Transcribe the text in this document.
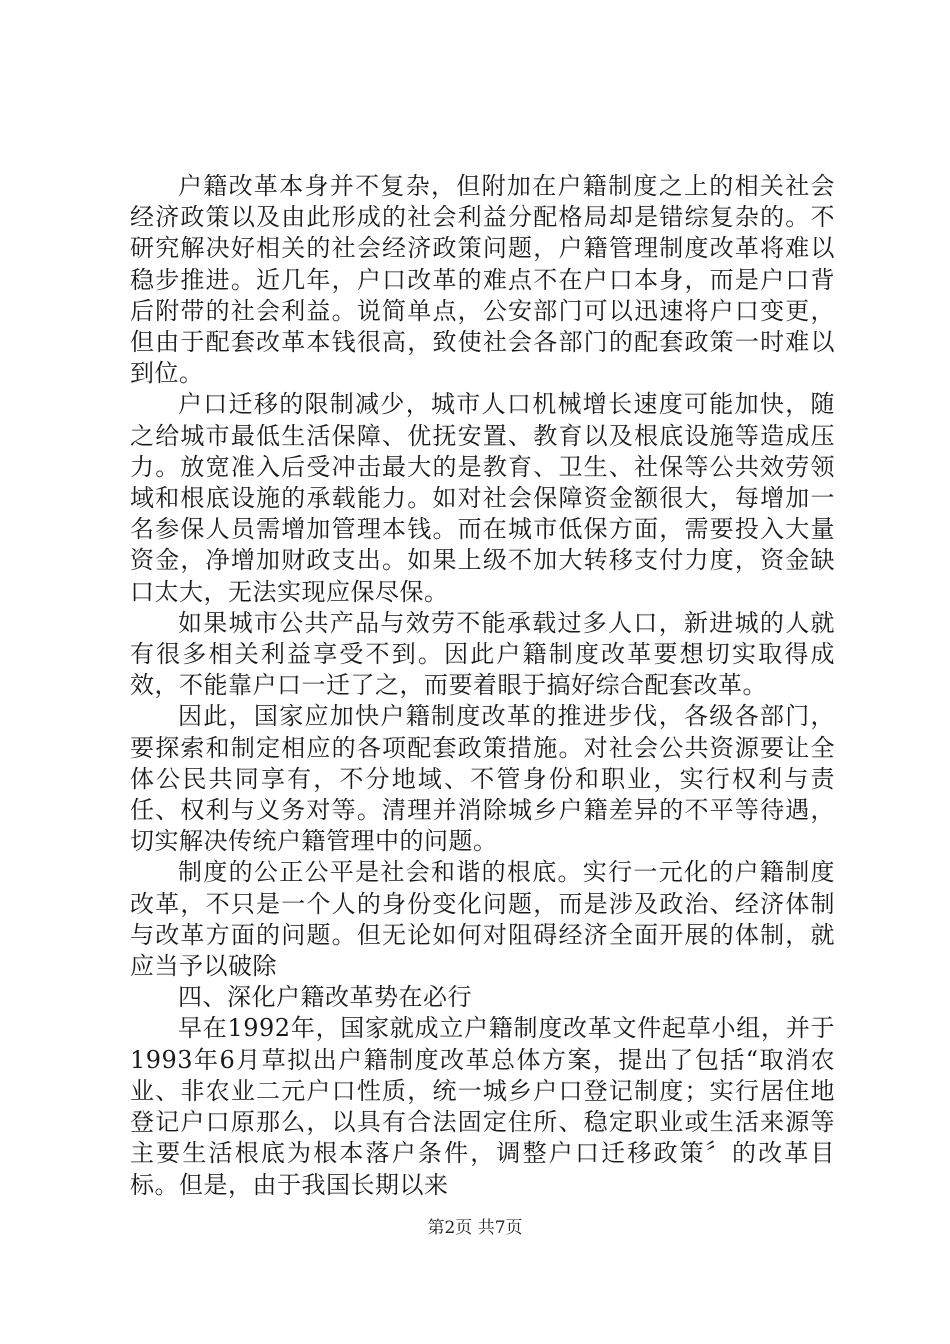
户籍改革本身并不复杂，但附加在户籍制度之上的相关社会经济政策以及由此形成的社会利益分配格局却是错综复杂的。不研究解决好相关的社会经济政策问题，户籍管理制度改革将难以稳步推进。近几年，户口改革的难点不在户口本身，而是户口背后附带的社会利益。说简单点，公安部门可以迅速将户口变更，但由于配套改革本钱很高，致使社会各部门的配套政策一时难以到位。

户口迁移的限制减少，城市人口机械增长速度可能加快，随之给城市最低生活保障、优抚安置、教育以及根底设施等造成压力。放宽准入后受冲击最大的是教育、卫生、社保等公共效劳领域和根底设施的承载能力。如对社会保障资金额很大，每增加一名参保人员需增加管理本钱。而在城市低保方面，需要投入大量资金，净增加财政支出。如果上级不加大转移支付力度，资金缺口太大，无法实现应保尽保。

如果城市公共产品与效劳不能承载过多人口，新进城的人就有很多相关利益享受不到。因此户籍制度改革要想切实取得成效，不能靠户口一迁了之，而要着眼于搞好综合配套改革。

因此，国家应加快户籍制度改革的推进步伐，各级各部门，要探索和制定相应的各项配套政策措施。对社会公共资源要让全体公民共同享有，不分地域、不管身份和职业，实行权利与责任、权利与义务对等。清理并消除城乡户籍差异的不平等待遇，切实解决传统户籍管理中的问题。

制度的公正公平是社会和谐的根底。实行一元化的户籍制度改革，不只是一个人的身份变化问题，而是涉及政治、经济体制与改革方面的问题。但无论如何对阻碍经济全面开展的体制，就应当予以破除

四、深化户籍改革势在必行

早在1992年，国家就成立户籍制度改革文件起草小组，并于1993年6月草拟出户籍制度改革总体方案，提出了包括“取消农业、非农业二元户口性质，统一城乡户口登记制度；实行居住地登记户口原那么，以具有合法固定住所、稳定职业或生活来源等主要生活根底为根本落户条件，调整户口迁移政策〞的改革目标。但是，由于我国长期以来

第2页 共7页
